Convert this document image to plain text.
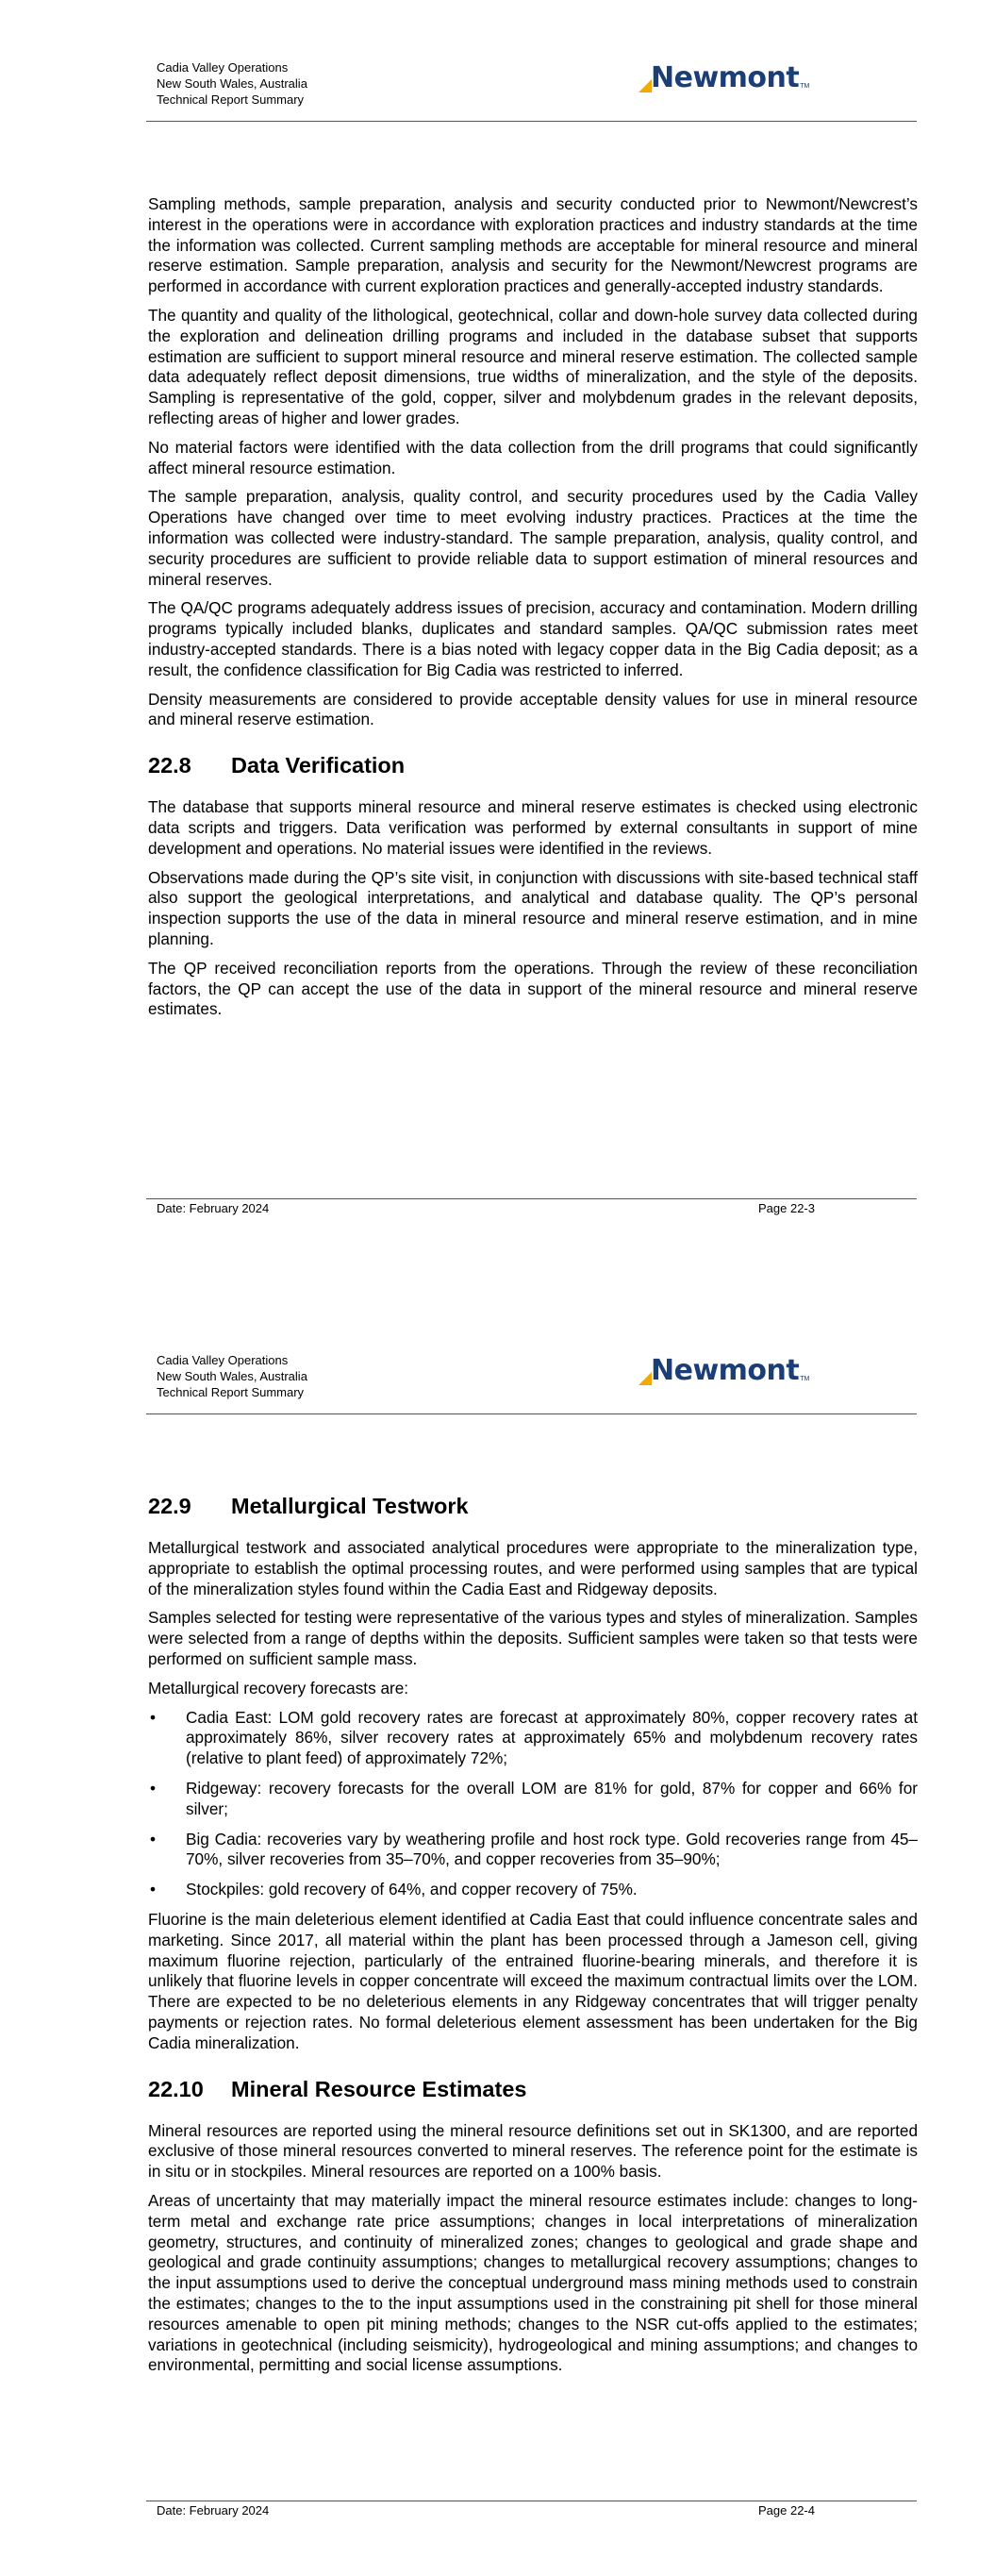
Cadia Valley Operations
New South Wales, Australia
Technical Report Summary
Newmont TM

Sampling methods, sample preparation, analysis and security conducted prior to Newmont/Newcrest’s interest in the operations were in accordance with exploration practices and industry standards at the time the information was collected. Current sampling methods are acceptable for mineral resource and mineral reserve estimation. Sample preparation, analysis and security for the Newmont/Newcrest programs are performed in accordance with current exploration practices and generally-accepted industry standards.

The quantity and quality of the lithological, geotechnical, collar and down-hole survey data collected during the exploration and delineation drilling programs and included in the database subset that supports estimation are sufficient to support mineral resource and mineral reserve estimation. The collected sample data adequately reflect deposit dimensions, true widths of mineralization, and the style of the deposits. Sampling is representative of the gold, copper, silver and molybdenum grades in the relevant deposits, reflecting areas of higher and lower grades.

No material factors were identified with the data collection from the drill programs that could significantly affect mineral resource estimation.

The sample preparation, analysis, quality control, and security procedures used by the Cadia Valley Operations have changed over time to meet evolving industry practices. Practices at the time the information was collected were industry-standard. The sample preparation, analysis, quality control, and security procedures are sufficient to provide reliable data to support estimation of mineral resources and mineral reserves.

The QA/QC programs adequately address issues of precision, accuracy and contamination. Modern drilling programs typically included blanks, duplicates and standard samples. QA/QC submission rates meet industry-accepted standards. There is a bias noted with legacy copper data in the Big Cadia deposit; as a result, the confidence classification for Big Cadia was restricted to inferred.

Density measurements are considered to provide acceptable density values for use in mineral resource and mineral reserve estimation.

22.8 Data Verification

The database that supports mineral resource and mineral reserve estimates is checked using electronic data scripts and triggers. Data verification was performed by external consultants in support of mine development and operations. No material issues were identified in the reviews.

Observations made during the QP’s site visit, in conjunction with discussions with site-based technical staff also support the geological interpretations, and analytical and database quality. The QP’s personal inspection supports the use of the data in mineral resource and mineral reserve estimation, and in mine planning.

The QP received reconciliation reports from the operations. Through the review of these reconciliation factors, the QP can accept the use of the data in support of the mineral resource and mineral reserve estimates.

Date: February 2024	Page 22-3
Cadia Valley Operations
New South Wales, Australia
Technical Report Summary
Newmont TM
22.9 Metallurgical Testwork

Metallurgical testwork and associated analytical procedures were appropriate to the mineralization type, appropriate to establish the optimal processing routes, and were performed using samples that are typical of the mineralization styles found within the Cadia East and Ridgeway deposits.

Samples selected for testing were representative of the various types and styles of mineralization. Samples were selected from a range of depths within the deposits. Sufficient samples were taken so that tests were performed on sufficient sample mass.

Metallurgical recovery forecasts are:

• Cadia East: LOM gold recovery rates are forecast at approximately 80%, copper recovery rates at approximately 86%, silver recovery rates at approximately 65% and molybdenum recovery rates (relative to plant feed) of approximately 72%;
• Ridgeway: recovery forecasts for the overall LOM are 81% for gold, 87% for copper and 66% for silver;
• Big Cadia: recoveries vary by weathering profile and host rock type. Gold recoveries range from 45–70%, silver recoveries from 35–70%, and copper recoveries from 35–90%;
• Stockpiles: gold recovery of 64%, and copper recovery of 75%.

Fluorine is the main deleterious element identified at Cadia East that could influence concentrate sales and marketing. Since 2017, all material within the plant has been processed through a Jameson cell, giving maximum fluorine rejection, particularly of the entrained fluorine-bearing minerals, and therefore it is unlikely that fluorine levels in copper concentrate will exceed the maximum contractual limits over the LOM. There are expected to be no deleterious elements in any Ridgeway concentrates that will trigger penalty payments or rejection rates. No formal deleterious element assessment has been undertaken for the Big Cadia mineralization.

22.10 Mineral Resource Estimates

Mineral resources are reported using the mineral resource definitions set out in SK1300, and are reported exclusive of those mineral resources converted to mineral reserves. The reference point for the estimate is in situ or in stockpiles. Mineral resources are reported on a 100% basis.

Areas of uncertainty that may materially impact the mineral resource estimates include: changes to long-term metal and exchange rate price assumptions; changes in local interpretations of mineralization geometry, structures, and continuity of mineralized zones; changes to geological and grade shape and geological and grade continuity assumptions; changes to metallurgical recovery assumptions; changes to the input assumptions used to derive the conceptual underground mass mining methods used to constrain the estimates; changes to the to the input assumptions used in the constraining pit shell for those mineral resources amenable to open pit mining methods; changes to the NSR cut-offs applied to the estimates; variations in geotechnical (including seismicity), hydrogeological and mining assumptions; and changes to environmental, permitting and social license assumptions.

Date: February 2024	Page 22-4
